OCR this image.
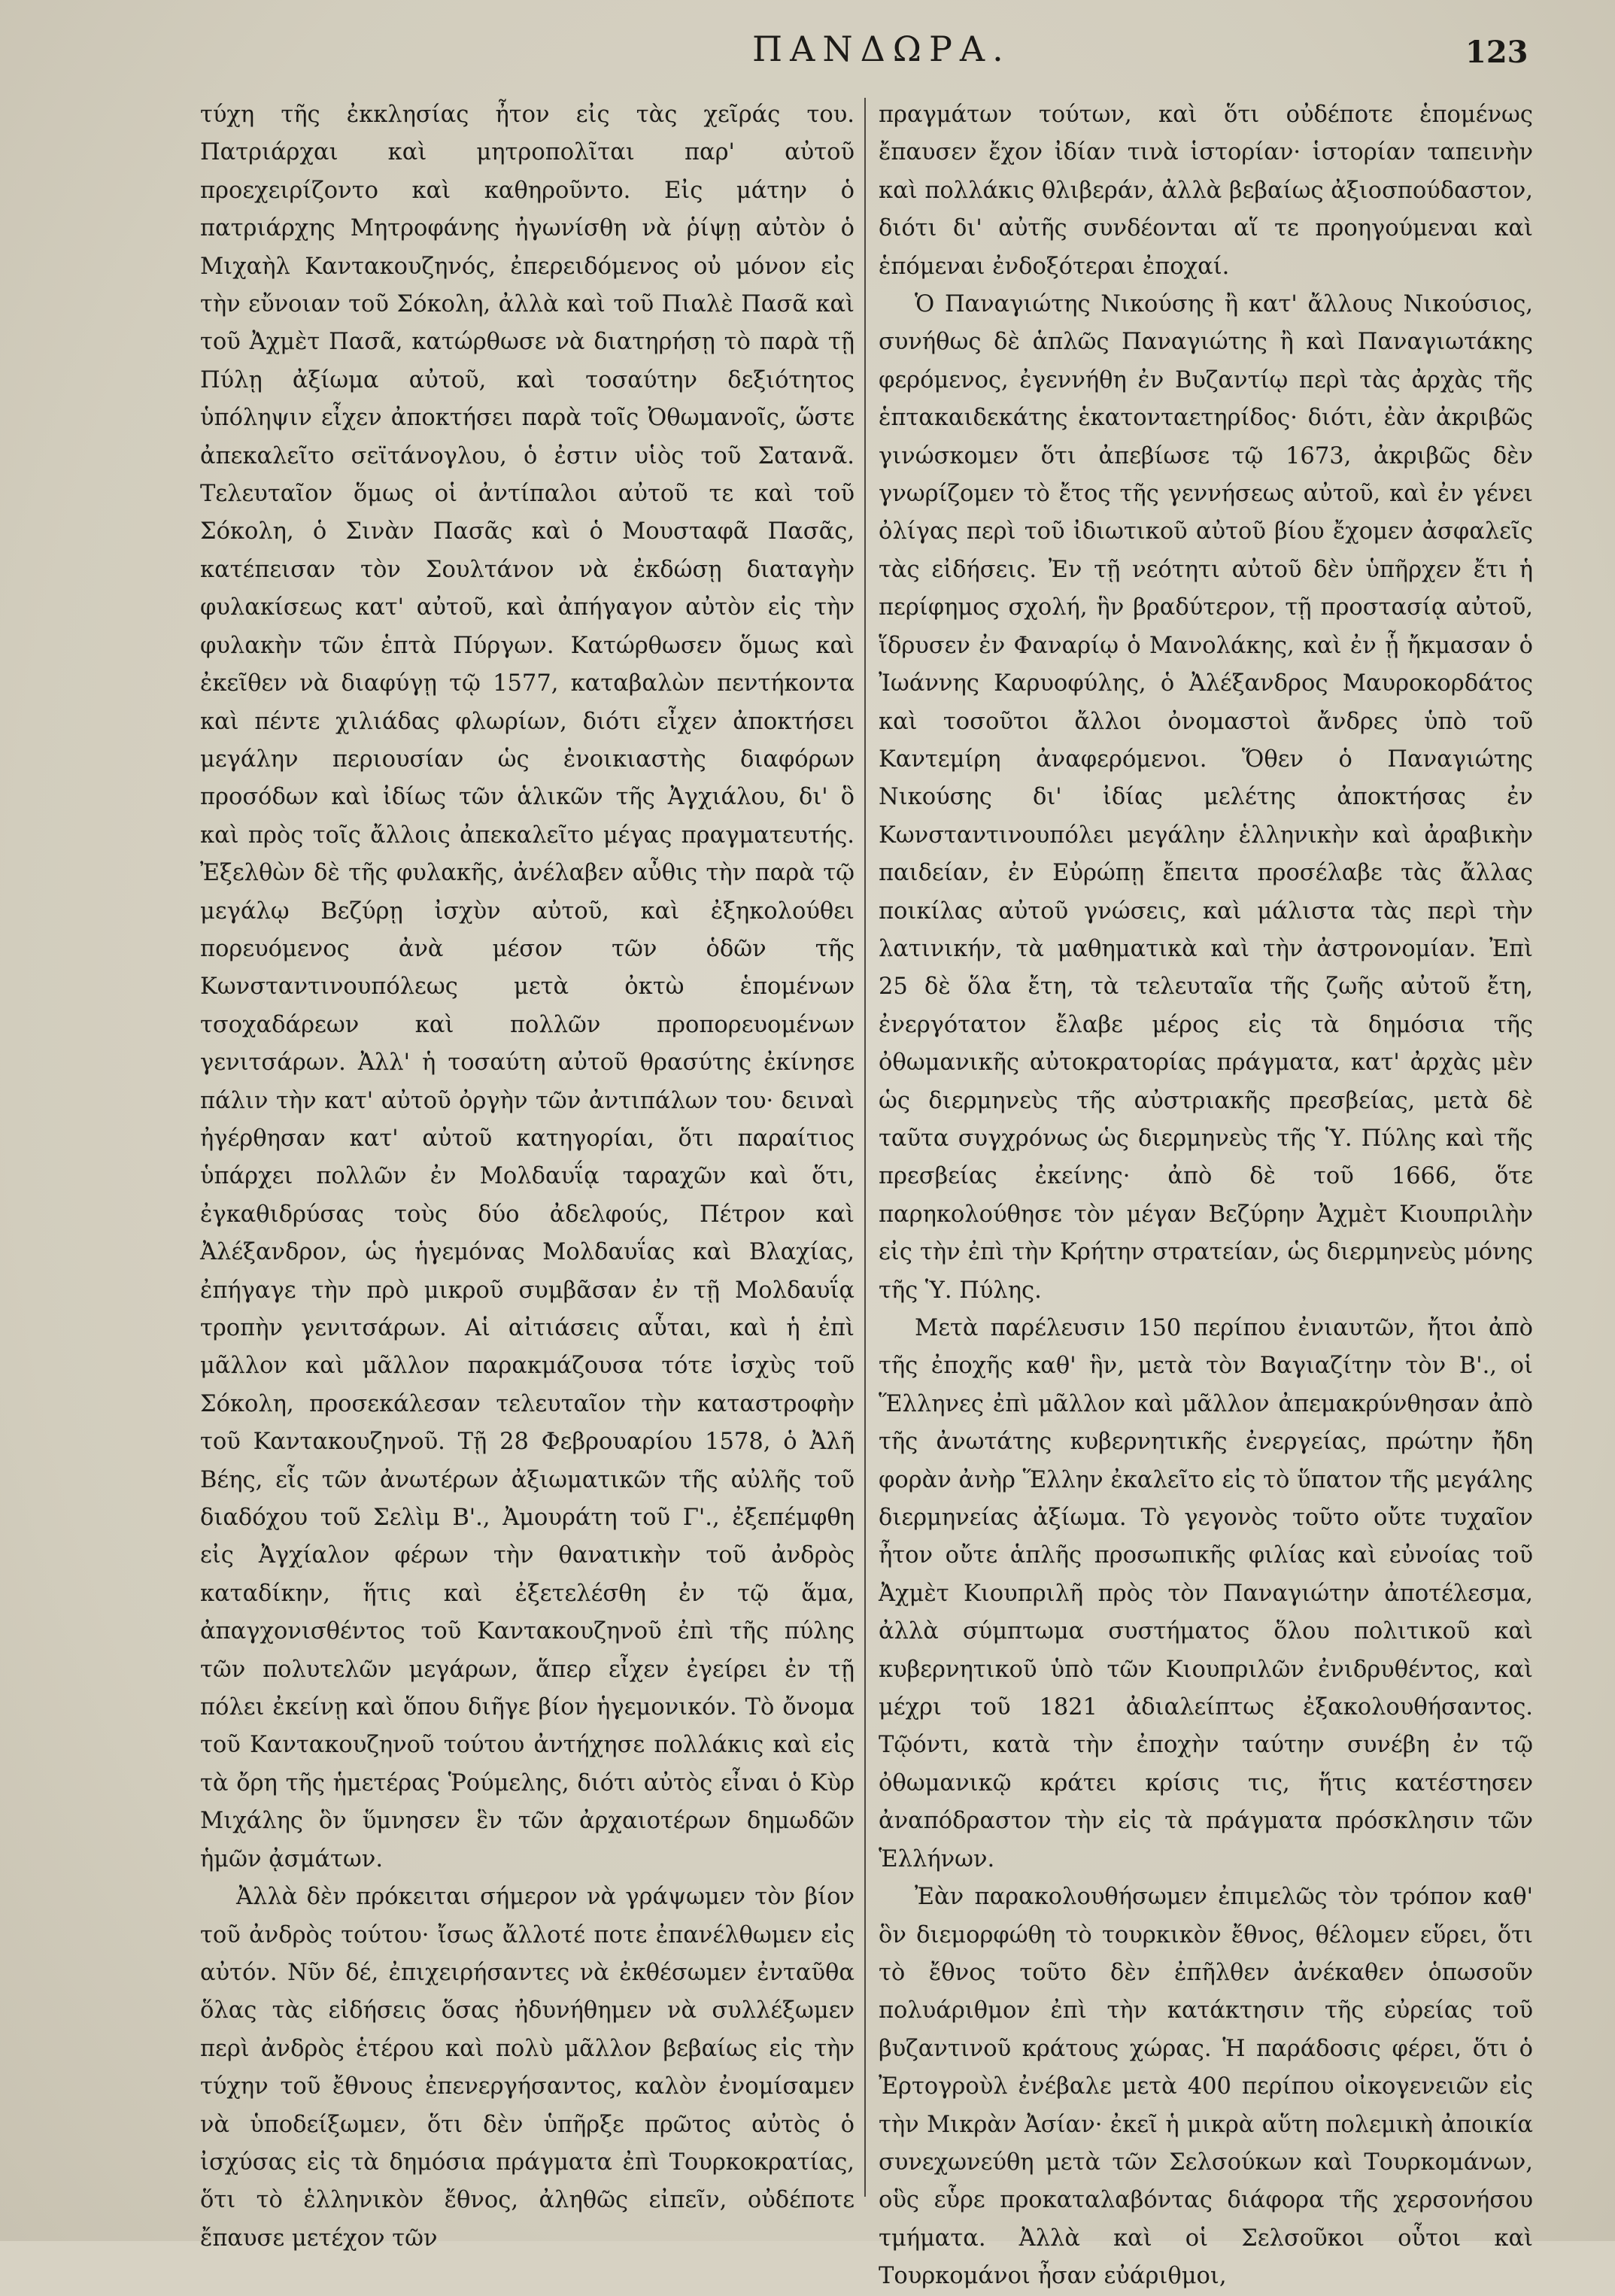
ΠΑΝΔΩΡΑ.	123

τύχη τῆς ἐκκλησίας ἦτον εἰς τὰς χεῖράς του. Πατριάρχαι καὶ μητροπολῖται παρ' αὐτοῦ προεχειρίζοντο καὶ καθηροῦντο. Εἰς μάτην ὁ πατριάρχης Μητροφάνης ἠγωνίσθη νὰ ῥίψῃ αὐτὸν ὁ Μιχαὴλ Καντακουζηνός, ἐπερειδόμενος οὐ μόνον εἰς τὴν εὔνοιαν τοῦ Σόκολη, ἀλλὰ καὶ τοῦ Πιαλὲ Πασᾶ καὶ τοῦ Ἀχμὲτ Πασᾶ, κατώρθωσε νὰ διατηρήσῃ τὸ παρὰ τῇ Πύλῃ ἀξίωμα αὐτοῦ, καὶ τοσαύτην δεξιότητος ὑπόληψιν εἶχεν ἀποκτήσει παρὰ τοῖς Ὀθωμανοῖς, ὥστε ἀπεκαλεῖτο σεϊτάνογλου, ὁ ἐστιν υἱὸς τοῦ Σατανᾶ. Τελευταῖον ὅμως οἱ ἀντίπαλοι αὐτοῦ τε καὶ τοῦ Σόκολη, ὁ Σινὰν Πασᾶς καὶ ὁ Μουσταφᾶ Πασᾶς, κατέπεισαν τὸν Σουλτάνον νὰ ἐκδώσῃ διαταγὴν φυλακίσεως κατ' αὐτοῦ, καὶ ἀπήγαγον αὐτὸν εἰς τὴν φυλακὴν τῶν ἑπτὰ Πύργων. Κατώρθωσεν ὅμως καὶ ἐκεῖθεν νὰ διαφύγῃ τῷ 1577, καταβαλὼν πεντήκοντα καὶ πέντε χιλιάδας φλωρίων, διότι εἶχεν ἀποκτήσει μεγάλην περιουσίαν ὡς ἐνοικιαστὴς διαφόρων προσόδων καὶ ἰδίως τῶν ἁλικῶν τῆς Ἀγχιάλου, δι' ὃ καὶ πρὸς τοῖς ἄλλοις ἀπεκαλεῖτο μέγας πραγματευτής. Ἐξελθὼν δὲ τῆς φυλακῆς, ἀνέλαβεν αὖθις τὴν παρὰ τῷ μεγάλῳ Βεζύρῃ ἰσχὺν αὐτοῦ, καὶ ἐξηκολούθει πορευόμενος ἀνὰ μέσον τῶν ὁδῶν τῆς Κωνσταντινουπόλεως μετὰ ὀκτὼ ἑπομένων τσοχαδάρεων καὶ πολλῶν προπορευομένων γενιτσάρων. Ἀλλ' ἡ τοσαύτη αὐτοῦ θρασύτης ἐκίνησε πάλιν τὴν κατ' αὐτοῦ ὀργὴν τῶν ἀντιπάλων του· δειναὶ ἠγέρθησαν κατ' αὐτοῦ κατηγορίαι, ὅτι παραίτιος ὑπάρχει πολλῶν ἐν Μολδαυΐᾳ ταραχῶν καὶ ὅτι, ἐγκαθιδρύσας τοὺς δύο ἀδελφούς, Πέτρον καὶ Ἀλέξανδρον, ὡς ἡγεμόνας Μολδαυΐας καὶ Βλαχίας, ἐπήγαγε τὴν πρὸ μικροῦ συμβᾶσαν ἐν τῇ Μολδαυΐᾳ τροπὴν γενιτσάρων. Αἱ αἰτιάσεις αὗται, καὶ ἡ ἐπὶ μᾶλλον καὶ μᾶλλον παρακμάζουσα τότε ἰσχὺς τοῦ Σόκολη, προσεκάλεσαν τελευταῖον τὴν καταστροφὴν τοῦ Καντακουζηνοῦ. Τῇ 28 Φεβρουαρίου 1578, ὁ Ἀλῆ Βέης, εἷς τῶν ἀνωτέρων ἀξιωματικῶν τῆς αὐλῆς τοῦ διαδόχου τοῦ Σελὶμ Β'., Ἀμουράτη τοῦ Γ'., ἐξεπέμφθη εἰς Ἀγχίαλον φέρων τὴν θανατικὴν τοῦ ἀνδρὸς καταδίκην, ἥτις καὶ ἐξετελέσθη ἐν τῷ ἅμα, ἀπαγχονισθέντος τοῦ Καντακουζηνοῦ ἐπὶ τῆς πύλης τῶν πολυτελῶν μεγάρων, ἅπερ εἶχεν ἐγείρει ἐν τῇ πόλει ἐκείνῃ καὶ ὅπου διῆγε βίον ἡγεμονικόν. Τὸ ὄνομα τοῦ Καντακουζηνοῦ τούτου ἀντήχησε πολλάκις καὶ εἰς τὰ ὄρη τῆς ἡμετέρας Ῥούμελης, διότι αὐτὸς εἶναι ὁ Κὺρ Μιχάλης ὃν ὕμνησεν ἓν τῶν ἀρχαιοτέρων δημωδῶν ἡμῶν ᾀσμάτων.

Ἀλλὰ δὲν πρόκειται σήμερον νὰ γράψωμεν τὸν βίον τοῦ ἀνδρὸς τούτου· ἴσως ἄλλοτέ ποτε ἐπανέλθωμεν εἰς αὐτόν. Νῦν δέ, ἐπιχειρήσαντες νὰ ἐκθέσωμεν ἐνταῦθα ὅλας τὰς εἰδήσεις ὅσας ἠδυνήθημεν νὰ συλλέξωμεν περὶ ἀνδρὸς ἑτέρου καὶ πολὺ μᾶλλον βεβαίως εἰς τὴν τύχην τοῦ ἔθνους ἐπενεργήσαντος, καλὸν ἐνομίσαμεν νὰ ὑποδείξωμεν, ὅτι δὲν ὑπῆρξε πρῶτος αὐτὸς ὁ ἰσχύσας εἰς τὰ δημόσια πράγματα ἐπὶ Τουρκοκρατίας, ὅτι τὸ ἑλληνικὸν ἔθνος, ἀληθῶς εἰπεῖν, οὐδέποτε ἔπαυσε μετέχον τῶν

πραγμάτων τούτων, καὶ ὅτι οὐδέποτε ἑπομένως ἔπαυσεν ἔχον ἰδίαν τινὰ ἱστορίαν· ἱστορίαν ταπεινὴν καὶ πολλάκις θλιβεράν, ἀλλὰ βεβαίως ἀξιοσπούδαστον, διότι δι' αὐτῆς συνδέονται αἵ τε προηγούμεναι καὶ ἑπόμεναι ἐνδοξότεραι ἐποχαί.

Ὁ Παναγιώτης Νικούσης ἢ κατ' ἄλλους Νικούσιος, συνήθως δὲ ἁπλῶς Παναγιώτης ἢ καὶ Παναγιωτάκης φερόμενος, ἐγεννήθη ἐν Βυζαντίῳ περὶ τὰς ἀρχὰς τῆς ἑπτακαιδεκάτης ἑκατονταετηρίδος· διότι, ἐὰν ἀκριβῶς γινώσκομεν ὅτι ἀπεβίωσε τῷ 1673, ἀκριβῶς δὲν γνωρίζομεν τὸ ἔτος τῆς γεννήσεως αὐτοῦ, καὶ ἐν γένει ὀλίγας περὶ τοῦ ἰδιωτικοῦ αὐτοῦ βίου ἔχομεν ἀσφαλεῖς τὰς εἰδήσεις. Ἐν τῇ νεότητι αὐτοῦ δὲν ὑπῆρχεν ἔτι ἡ περίφημος σχολή, ἣν βραδύτερον, τῇ προστασίᾳ αὐτοῦ, ἵδρυσεν ἐν Φαναρίῳ ὁ Μανολάκης, καὶ ἐν ᾗ ἤκμασαν ὁ Ἰωάννης Καρυοφύλης, ὁ Ἀλέξανδρος Μαυροκορδάτος καὶ τοσοῦτοι ἄλλοι ὀνομαστοὶ ἄνδρες ὑπὸ τοῦ Καντεμίρη ἀναφερόμενοι. Ὅθεν ὁ Παναγιώτης Νικούσης δι' ἰδίας μελέτης ἀποκτήσας ἐν Κωνσταντινουπόλει μεγάλην ἑλληνικὴν καὶ ἀραβικὴν παιδείαν, ἐν Εὐρώπῃ ἔπειτα προσέλαβε τὰς ἄλλας ποικίλας αὐτοῦ γνώσεις, καὶ μάλιστα τὰς περὶ τὴν λατινικήν, τὰ μαθηματικὰ καὶ τὴν ἀστρονομίαν. Ἐπὶ 25 δὲ ὅλα ἔτη, τὰ τελευταῖα τῆς ζωῆς αὐτοῦ ἔτη, ἐνεργότατον ἔλαβε μέρος εἰς τὰ δημόσια τῆς ὀθωμανικῆς αὐτοκρατορίας πράγματα, κατ' ἀρχὰς μὲν ὡς διερμηνεὺς τῆς αὐστριακῆς πρεσβείας, μετὰ δὲ ταῦτα συγχρόνως ὡς διερμηνεὺς τῆς Ὑ. Πύλης καὶ τῆς πρεσβείας ἐκείνης· ἀπὸ δὲ τοῦ 1666, ὅτε παρηκολούθησε τὸν μέγαν Βεζύρην Ἀχμὲτ Κιουπριλὴν εἰς τὴν ἐπὶ τὴν Κρήτην στρατείαν, ὡς διερμηνεὺς μόνης τῆς Ὑ. Πύλης.

Μετὰ παρέλευσιν 150 περίπου ἐνιαυτῶν, ἤτοι ἀπὸ τῆς ἐποχῆς καθ' ἣν, μετὰ τὸν Βαγιαζίτην τὸν Β'., οἱ Ἕλληνες ἐπὶ μᾶλλον καὶ μᾶλλον ἀπεμακρύνθησαν ἀπὸ τῆς ἀνωτάτης κυβερνητικῆς ἐνεργείας, πρώτην ἤδη φορὰν ἀνὴρ Ἕλλην ἐκαλεῖτο εἰς τὸ ὕπατον τῆς μεγάλης διερμηνείας ἀξίωμα. Τὸ γεγονὸς τοῦτο οὔτε τυχαῖον ἦτον οὔτε ἁπλῆς προσωπικῆς φιλίας καὶ εὐνοίας τοῦ Ἀχμὲτ Κιουπριλῆ πρὸς τὸν Παναγιώτην ἀποτέλεσμα, ἀλλὰ σύμπτωμα συστήματος ὅλου πολιτικοῦ καὶ κυβερνητικοῦ ὑπὸ τῶν Κιουπριλῶν ἐνιδρυθέντος, καὶ μέχρι τοῦ 1821 ἀδιαλείπτως ἐξακολουθήσαντος. Τῷόντι, κατὰ τὴν ἐποχὴν ταύτην συνέβη ἐν τῷ ὀθωμανικῷ κράτει κρίσις τις, ἥτις κατέστησεν ἀναπόδραστον τὴν εἰς τὰ πράγματα πρόσκλησιν τῶν Ἑλλήνων.

Ἐὰν παρακολουθήσωμεν ἐπιμελῶς τὸν τρόπον καθ' ὃν διεμορφώθη τὸ τουρκικὸν ἔθνος, θέλομεν εὕρει, ὅτι τὸ ἔθνος τοῦτο δὲν ἐπῆλθεν ἀνέκαθεν ὁπωσοῦν πολυάριθμον ἐπὶ τὴν κατάκτησιν τῆς εὐρείας τοῦ βυζαντινοῦ κράτους χώρας. Ἡ παράδοσις φέρει, ὅτι ὁ Ἐρτογροὺλ ἐνέβαλε μετὰ 400 περίπου οἰκογενειῶν εἰς τὴν Μικρὰν Ἀσίαν· ἐκεῖ ἡ μικρὰ αὕτη πολεμικὴ ἀποικία συνεχωνεύθη μετὰ τῶν Σελσούκων καὶ Τουρκομάνων, οὓς εὗρε προκαταλαβόντας διάφορα τῆς χερσονήσου τμήματα. Ἀλλὰ καὶ οἱ Σελσοῦκοι οὗτοι καὶ Τουρκομάνοι ἦσαν εὐάριθμοι,
